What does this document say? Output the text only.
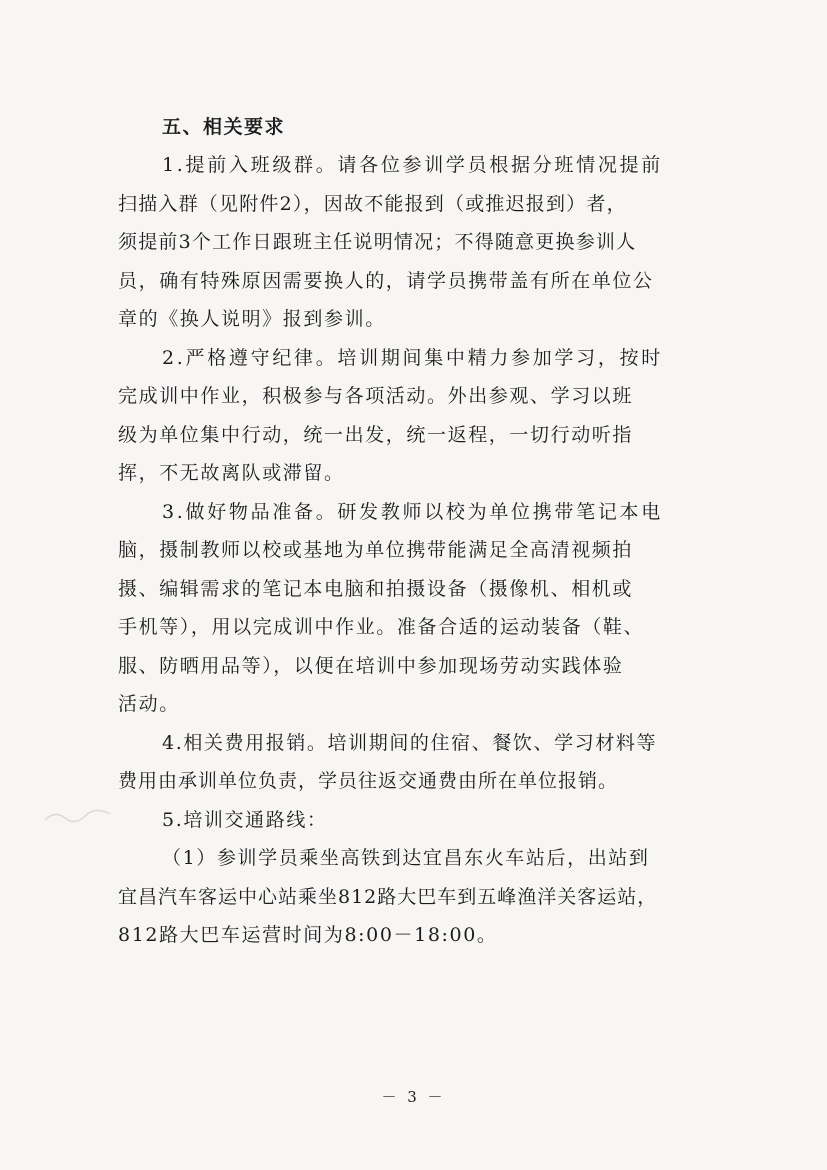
五、相关要求
1.提前入班级群。请各位参训学员根据分班情况提前
扫描入群（见附件2），因故不能报到（或推迟报到）者，
须提前3个工作日跟班主任说明情况；不得随意更换参训人
员，确有特殊原因需要换人的，请学员携带盖有所在单位公
章的《换人说明》报到参训。
2.严格遵守纪律。培训期间集中精力参加学习，按时
完成训中作业，积极参与各项活动。外出参观、学习以班
级为单位集中行动，统一出发，统一返程，一切行动听指
挥，不无故离队或滞留。
3.做好物品准备。研发教师以校为单位携带笔记本电
脑，摄制教师以校或基地为单位携带能满足全高清视频拍
摄、编辑需求的笔记本电脑和拍摄设备（摄像机、相机或
手机等），用以完成训中作业。准备合适的运动装备（鞋、
服、防晒用品等），以便在培训中参加现场劳动实践体验
活动。
4.相关费用报销。培训期间的住宿、餐饮、学习材料等
费用由承训单位负责，学员往返交通费由所在单位报销。
5.培训交通路线：
（1）参训学员乘坐高铁到达宜昌东火车站后，出站到
宜昌汽车客运中心站乘坐812路大巴车到五峰渔洋关客运站，
812路大巴车运营时间为8:00－18:00。
－ 3 －
